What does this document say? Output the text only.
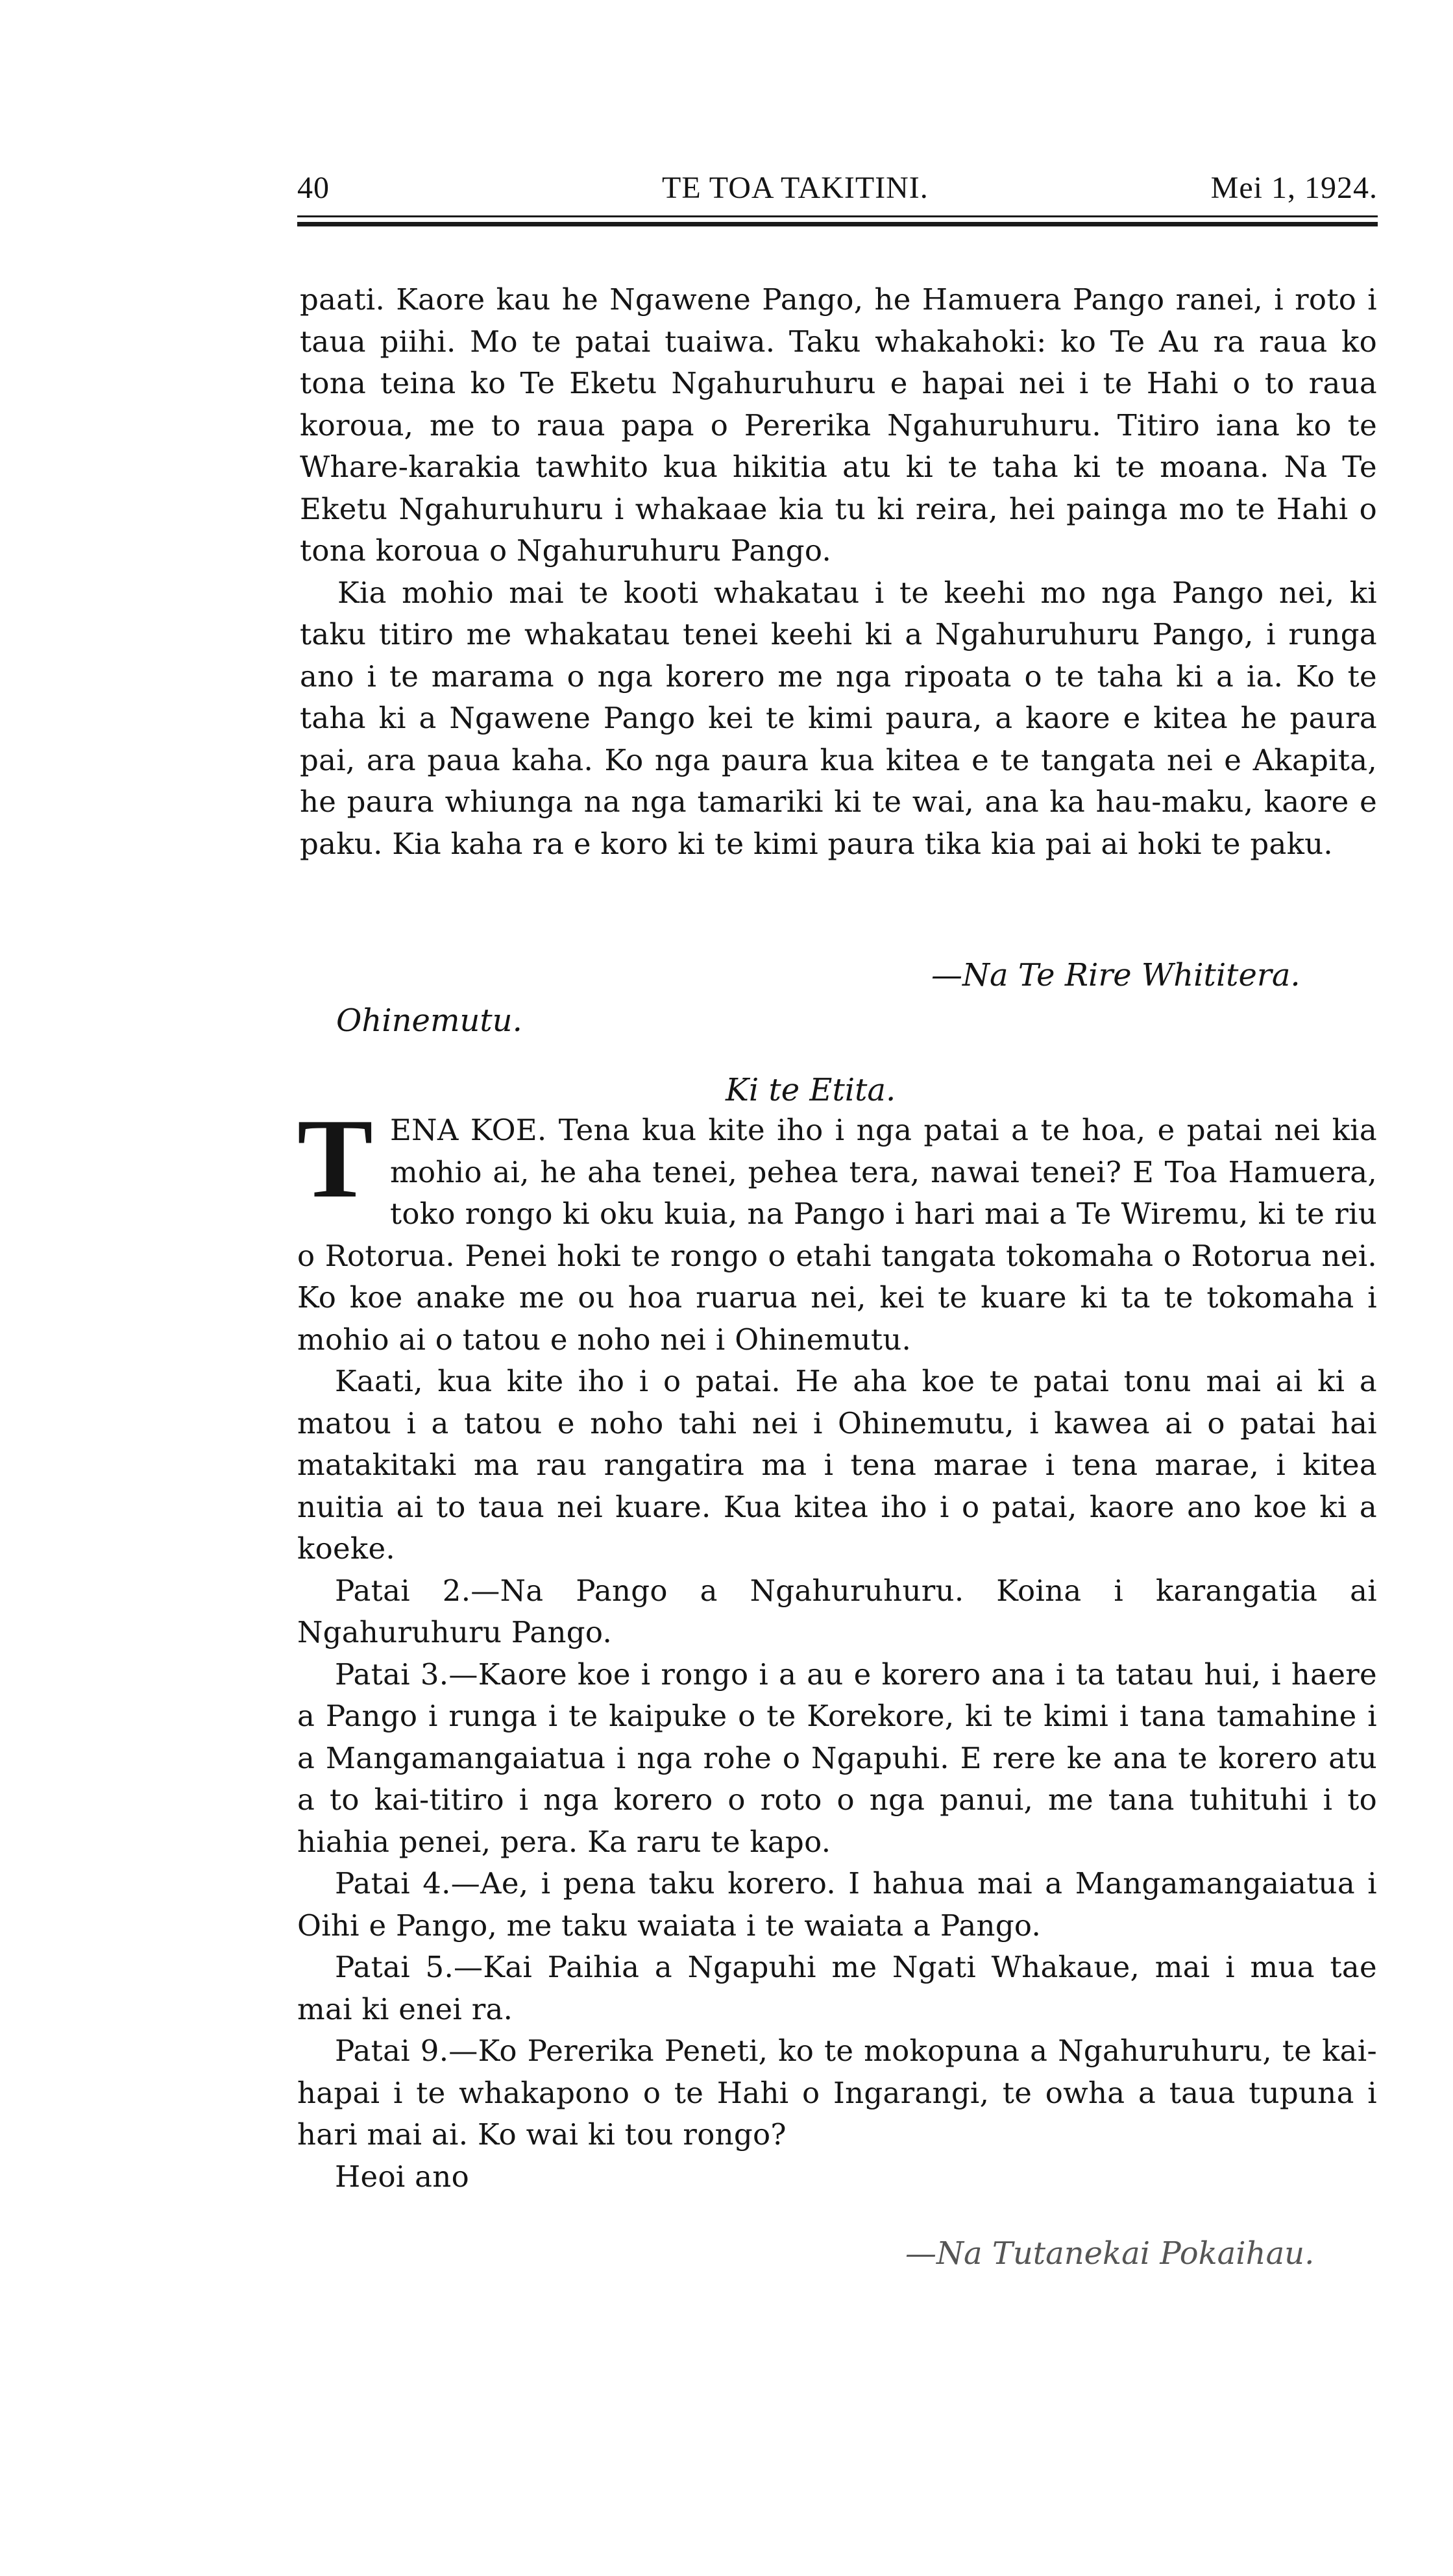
40	TE TOA TAKITINI.	Mei 1, 1924.

paati. Kaore kau he Ngawene Pango, he Hamuera Pango ranei, i roto i taua piihi. Mo te patai tuaiwa. Taku whakahoki: ko Te Au ra raua ko tona teina ko Te Eketu Ngahuruhuru e hapai nei i te Hahi o to raua koroua, me to raua papa o Pererika Ngahuruhuru. Titiro iana ko te Whare-karakia tawhito kua hikitia atu ki te taha ki te moana. Na Te Eketu Ngahuruhuru i whakaae kia tu ki reira, hei painga mo te Hahi o tona koroua o Ngahuruhuru Pango.

Kia mohio mai te kooti whakatau i te keehi mo nga Pango nei, ki taku titiro me whakatau tenei keehi ki a Ngahuruhuru Pango, i runga ano i te marama o nga korero me nga ripoata o te taha ki a ia. Ko te taha ki a Ngawene Pango kei te kimi paura, a kaore e kitea he paura pai, ara paua kaha. Ko nga paura kua kitea e te tangata nei e Akapita, he paura whiunga na nga tamariki ki te wai, ana ka hau-maku, kaore e paku. Kia kaha ra e koro ki te kimi paura tika kia pai ai hoki te paku.

—Na Te Rire Whititera.
Ohinemutu.
Ki te Etita.

TENA KOE. Tena kua kite iho i nga patai a te hoa, e patai nei kia mohio ai, he aha tenei, pehea tera, nawai tenei? E Toa Hamuera, toko rongo ki oku kuia, na Pango i hari mai a Te Wiremu, ki te riu o Rotorua. Penei hoki te rongo o etahi tangata tokomaha o Rotorua nei. Ko koe anake me ou hoa ruarua nei, kei te kuare ki ta te tokomaha i mohio ai o tatou e noho nei i Ohinemutu.

Kaati, kua kite iho i o patai. He aha koe te patai tonu mai ai ki a matou i a tatou e noho tahi nei i Ohinemutu, i kawea ai o patai hai matakitaki ma rau rangatira ma i tena marae i tena marae, i kitea nuitia ai to taua nei kuare. Kua kitea iho i o patai, kaore ano koe ki a koeke.

Patai 2.—Na Pango a Ngahuruhuru. Koina i karangatia ai Ngahuruhuru Pango.

Patai 3.—Kaore koe i rongo i a au e korero ana i ta tatau hui, i haere a Pango i runga i te kaipuke o te Korekore, ki te kimi i tana tamahine i a Mangamangaiatua i nga rohe o Ngapuhi. E rere ke ana te korero atu a to kai-titiro i nga korero o roto o nga panui, me tana tuhituhi i to hiahia penei, pera. Ka raru te kapo.

Patai 4.—Ae, i pena taku korero. I hahua mai a Mangamangaiatua i Oihi e Pango, me taku waiata i te waiata a Pango.

Patai 5.—Kai Paihia a Ngapuhi me Ngati Whakaue, mai i mua tae mai ki enei ra.

Patai 9.—Ko Pererika Peneti, ko te mokopuna a Ngahuruhuru, te kai-hapai i te whakapono o te Hahi o Ingarangi, te owha a taua tupuna i hari mai ai. Ko wai ki tou rongo?

Heoi ano

—Na Tutanekai Pokaihau.
